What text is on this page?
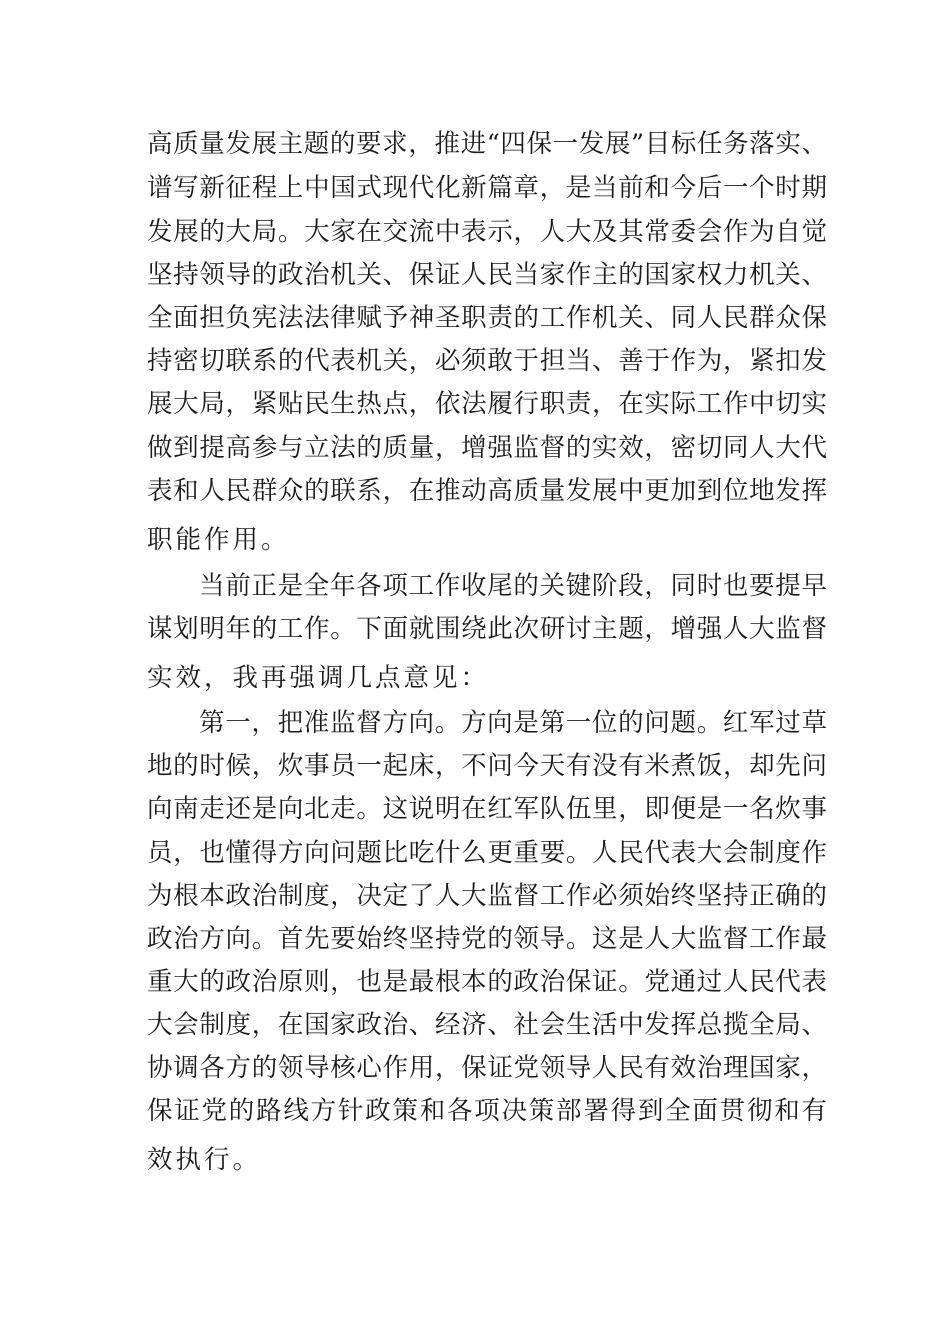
高质量发展主题的要求，推进“四保一发展”目标任务落实、
谱写新征程上中国式现代化新篇章，是当前和今后一个时期
发展的大局。大家在交流中表示，人大及其常委会作为自觉
坚持领导的政治机关、保证人民当家作主的国家权力机关、
全面担负宪法法律赋予神圣职责的工作机关、同人民群众保
持密切联系的代表机关，必须敢于担当、善于作为，紧扣发
展大局，紧贴民生热点，依法履行职责，在实际工作中切实
做到提高参与立法的质量，增强监督的实效，密切同人大代
表和人民群众的联系，在推动高质量发展中更加到位地发挥
职能作用。
当前正是全年各项工作收尾的关键阶段，同时也要提早
谋划明年的工作。下面就围绕此次研讨主题，增强人大监督
实效，我再强调几点意见：
第一，把准监督方向。方向是第一位的问题。红军过草
地的时候，炊事员一起床，不问今天有没有米煮饭，却先问
向南走还是向北走。这说明在红军队伍里，即便是一名炊事
员，也懂得方向问题比吃什么更重要。人民代表大会制度作
为根本政治制度，决定了人大监督工作必须始终坚持正确的
政治方向。首先要始终坚持党的领导。这是人大监督工作最
重大的政治原则，也是最根本的政治保证。党通过人民代表
大会制度，在国家政治、经济、社会生活中发挥总揽全局、
协调各方的领导核心作用，保证党领导人民有效治理国家，
保证党的路线方针政策和各项决策部署得到全面贯彻和有
效执行。
